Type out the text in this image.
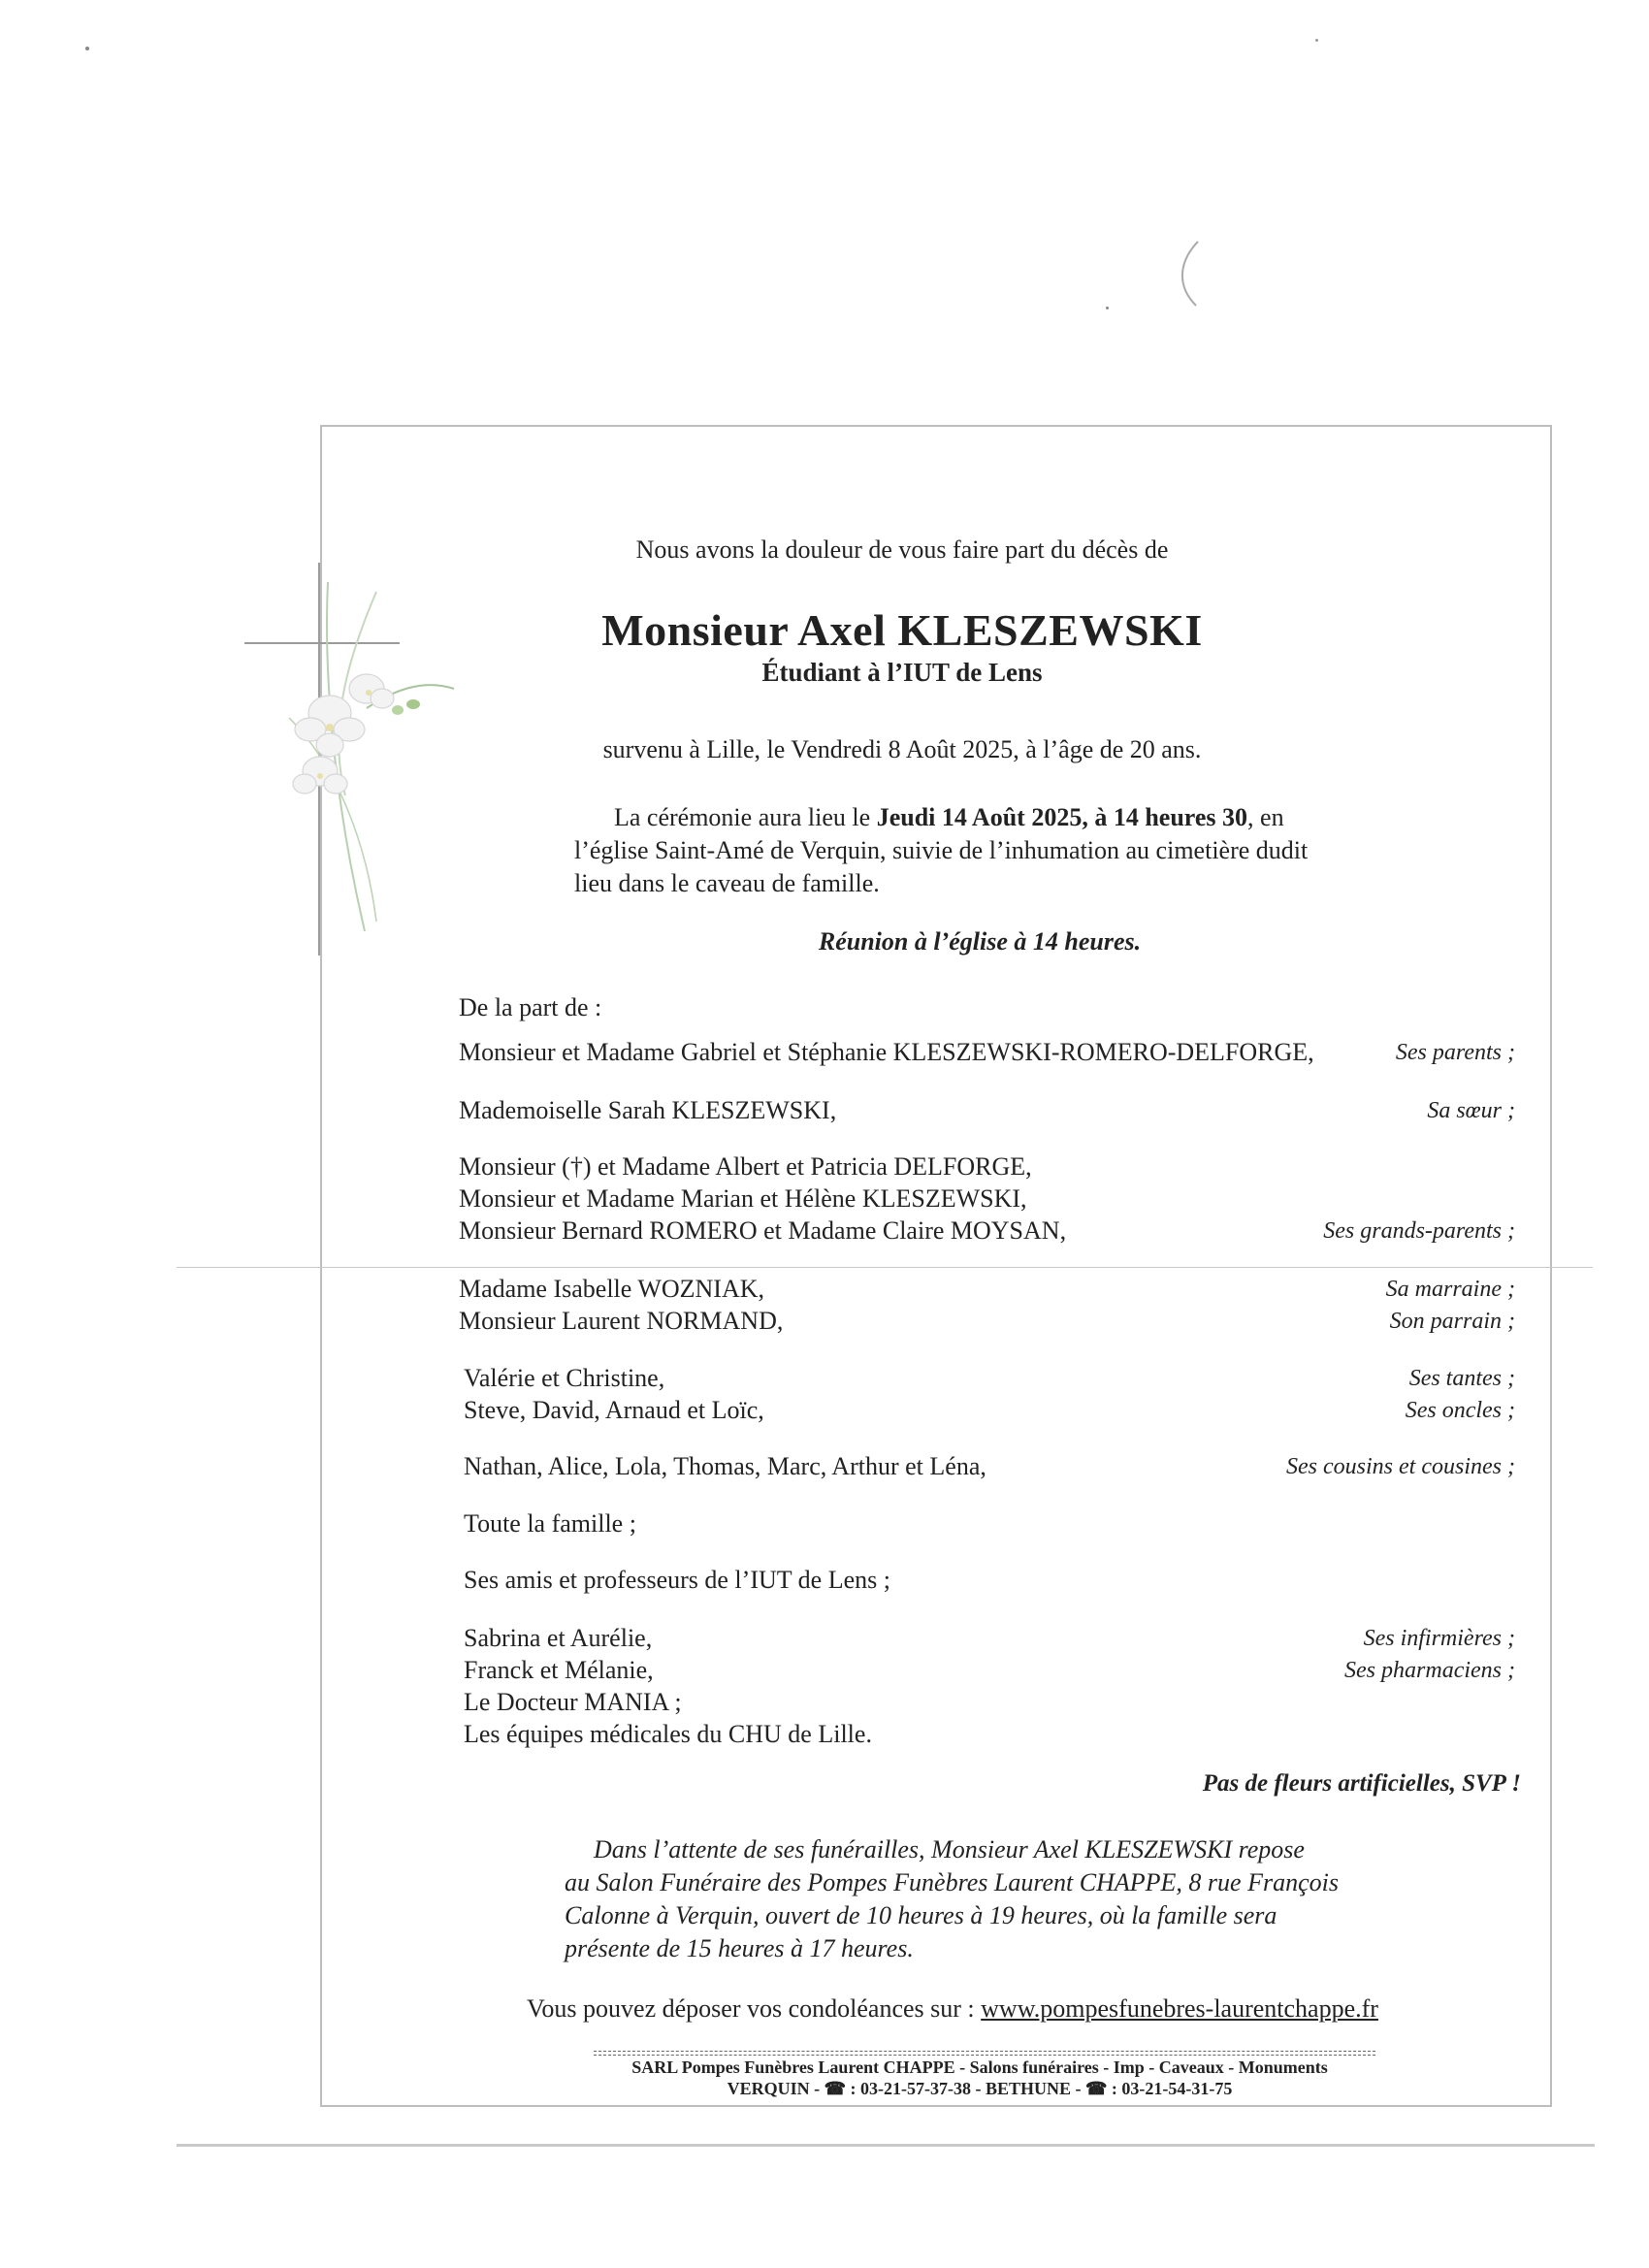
Nous avons la douleur de vous faire part du décès de
Monsieur Axel KLESZEWSKI
Étudiant à l’IUT de Lens
survenu à Lille, le Vendredi 8 Août 2025, à l’âge de 20 ans.
La cérémonie aura lieu le Jeudi 14 Août 2025, à 14 heures 30, en
l’église Saint-Amé de Verquin, suivie de l’inhumation au cimetière dudit
lieu dans le caveau de famille.
Réunion à l’église à 14 heures.
De la part de :
Monsieur et Madame Gabriel et Stéphanie KLESZEWSKI-ROMERO-DELFORGE,	Ses parents ;
Mademoiselle Sarah KLESZEWSKI,	Sa sœur ;
Monsieur (†) et Madame Albert et Patricia DELFORGE,
Monsieur et Madame Marian et Hélène KLESZEWSKI,
Monsieur Bernard ROMERO et Madame Claire MOYSAN,	Ses grands-parents ;
Madame Isabelle WOZNIAK,	Sa marraine ;
Monsieur Laurent NORMAND,	Son parrain ;
Valérie et Christine,	Ses tantes ;
Steve, David, Arnaud et Loïc,	Ses oncles ;
Nathan, Alice, Lola, Thomas, Marc, Arthur et Léna,	Ses cousins et cousines ;
Toute la famille ;
Ses amis et professeurs de l’IUT de Lens ;
Sabrina et Aurélie,	Ses infirmières ;
Franck et Mélanie,	Ses pharmaciens ;
Le Docteur MANIA ;
Les équipes médicales du CHU de Lille.
Pas de fleurs artificielles, SVP !
Dans l’attente de ses funérailles, Monsieur Axel KLESZEWSKI repose
au Salon Funéraire des Pompes Funèbres Laurent CHAPPE, 8 rue François
Calonne à Verquin, ouvert de 10 heures à 19 heures, où la famille sera
présente de 15 heures à 17 heures.
Vous pouvez déposer vos condoléances sur : www.pompesfunebres-laurentchappe.fr
SARL Pompes Funèbres Laurent CHAPPE - Salons funéraires - Imp - Caveaux - Monuments
VERQUIN - ☎ : 03-21-57-37-38 - BETHUNE - ☎ : 03-21-54-31-75
